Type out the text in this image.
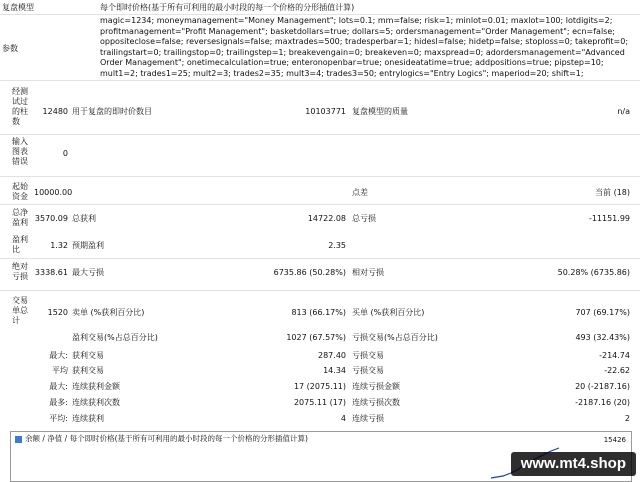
复盘模型	每个即时价格(基于所有可利用的最小时段的每一个价格的分形插值计算)
参数
magic=1234; moneymanagement="Money Management"; lots=0.1; mm=false; risk=1; minlot=0.01; maxlot=100; lotdigits=2; profitmanagement="Profit Management"; basketdollars=true; dollars=5; ordersmanagement="Order Management"; ecn=false; oppositeclose=false; reversesignals=false; maxtrades=500; tradesperbar=1; hidesl=false; hidetp=false; stoploss=0; takeprofit=0; trailingstart=0; trailingstop=0; trailingstep=1; breakevengain=0; breakeven=0; maxspread=0; adordersmanagement="Advanced Order Management"; onetimecalculation=true; enteronopenbar=true; onesideatatime=true; addpositions=true; pipstep=10; mult1=2; trades1=25; mult2=3; trades2=35; mult3=4; trades3=50; entrylogics="Entry Logics"; maperiod=20; shift=1;
经测试过的柱数
12480 用于复盘的即时价数目	10103771 复盘模型的质量	n/a
输入图表错误
0
起始资金 10000.00	点差	当前 (18)
总净盈利 3570.09 总获利	14722.08 总亏损	-11151.99
盈利比	1.32 预期盈利	2.35
绝对亏损 3338.61 最大亏损	6735.86 (50.28%) 相对亏损	50.28% (6735.86)
交易单总计
1520 卖单 (%获利百分比)	813 (66.17%) 买单 (%获利百分比)	707 (69.17%)
盈利交易(%占总百分比)	1027 (67.57%) 亏损交易(%占总百分比)	493 (32.43%)
最大: 获利交易	287.40 亏损交易	-214.74
平均 获利交易	14.34 亏损交易	-22.62
最大: 连续获利金额	17 (2075.11) 连续亏损金额	20 (-2187.16)
最多: 连续获利次数	2075.11 (17) 连续亏损次数	-2187.16 (20)
平均: 连续获利	4 连续亏损	2
余额 / 净值 / 每个即时价格(基于所有可利用的最小时段的每一个价格的分形插值计算)	15426
www.mt4.shop
